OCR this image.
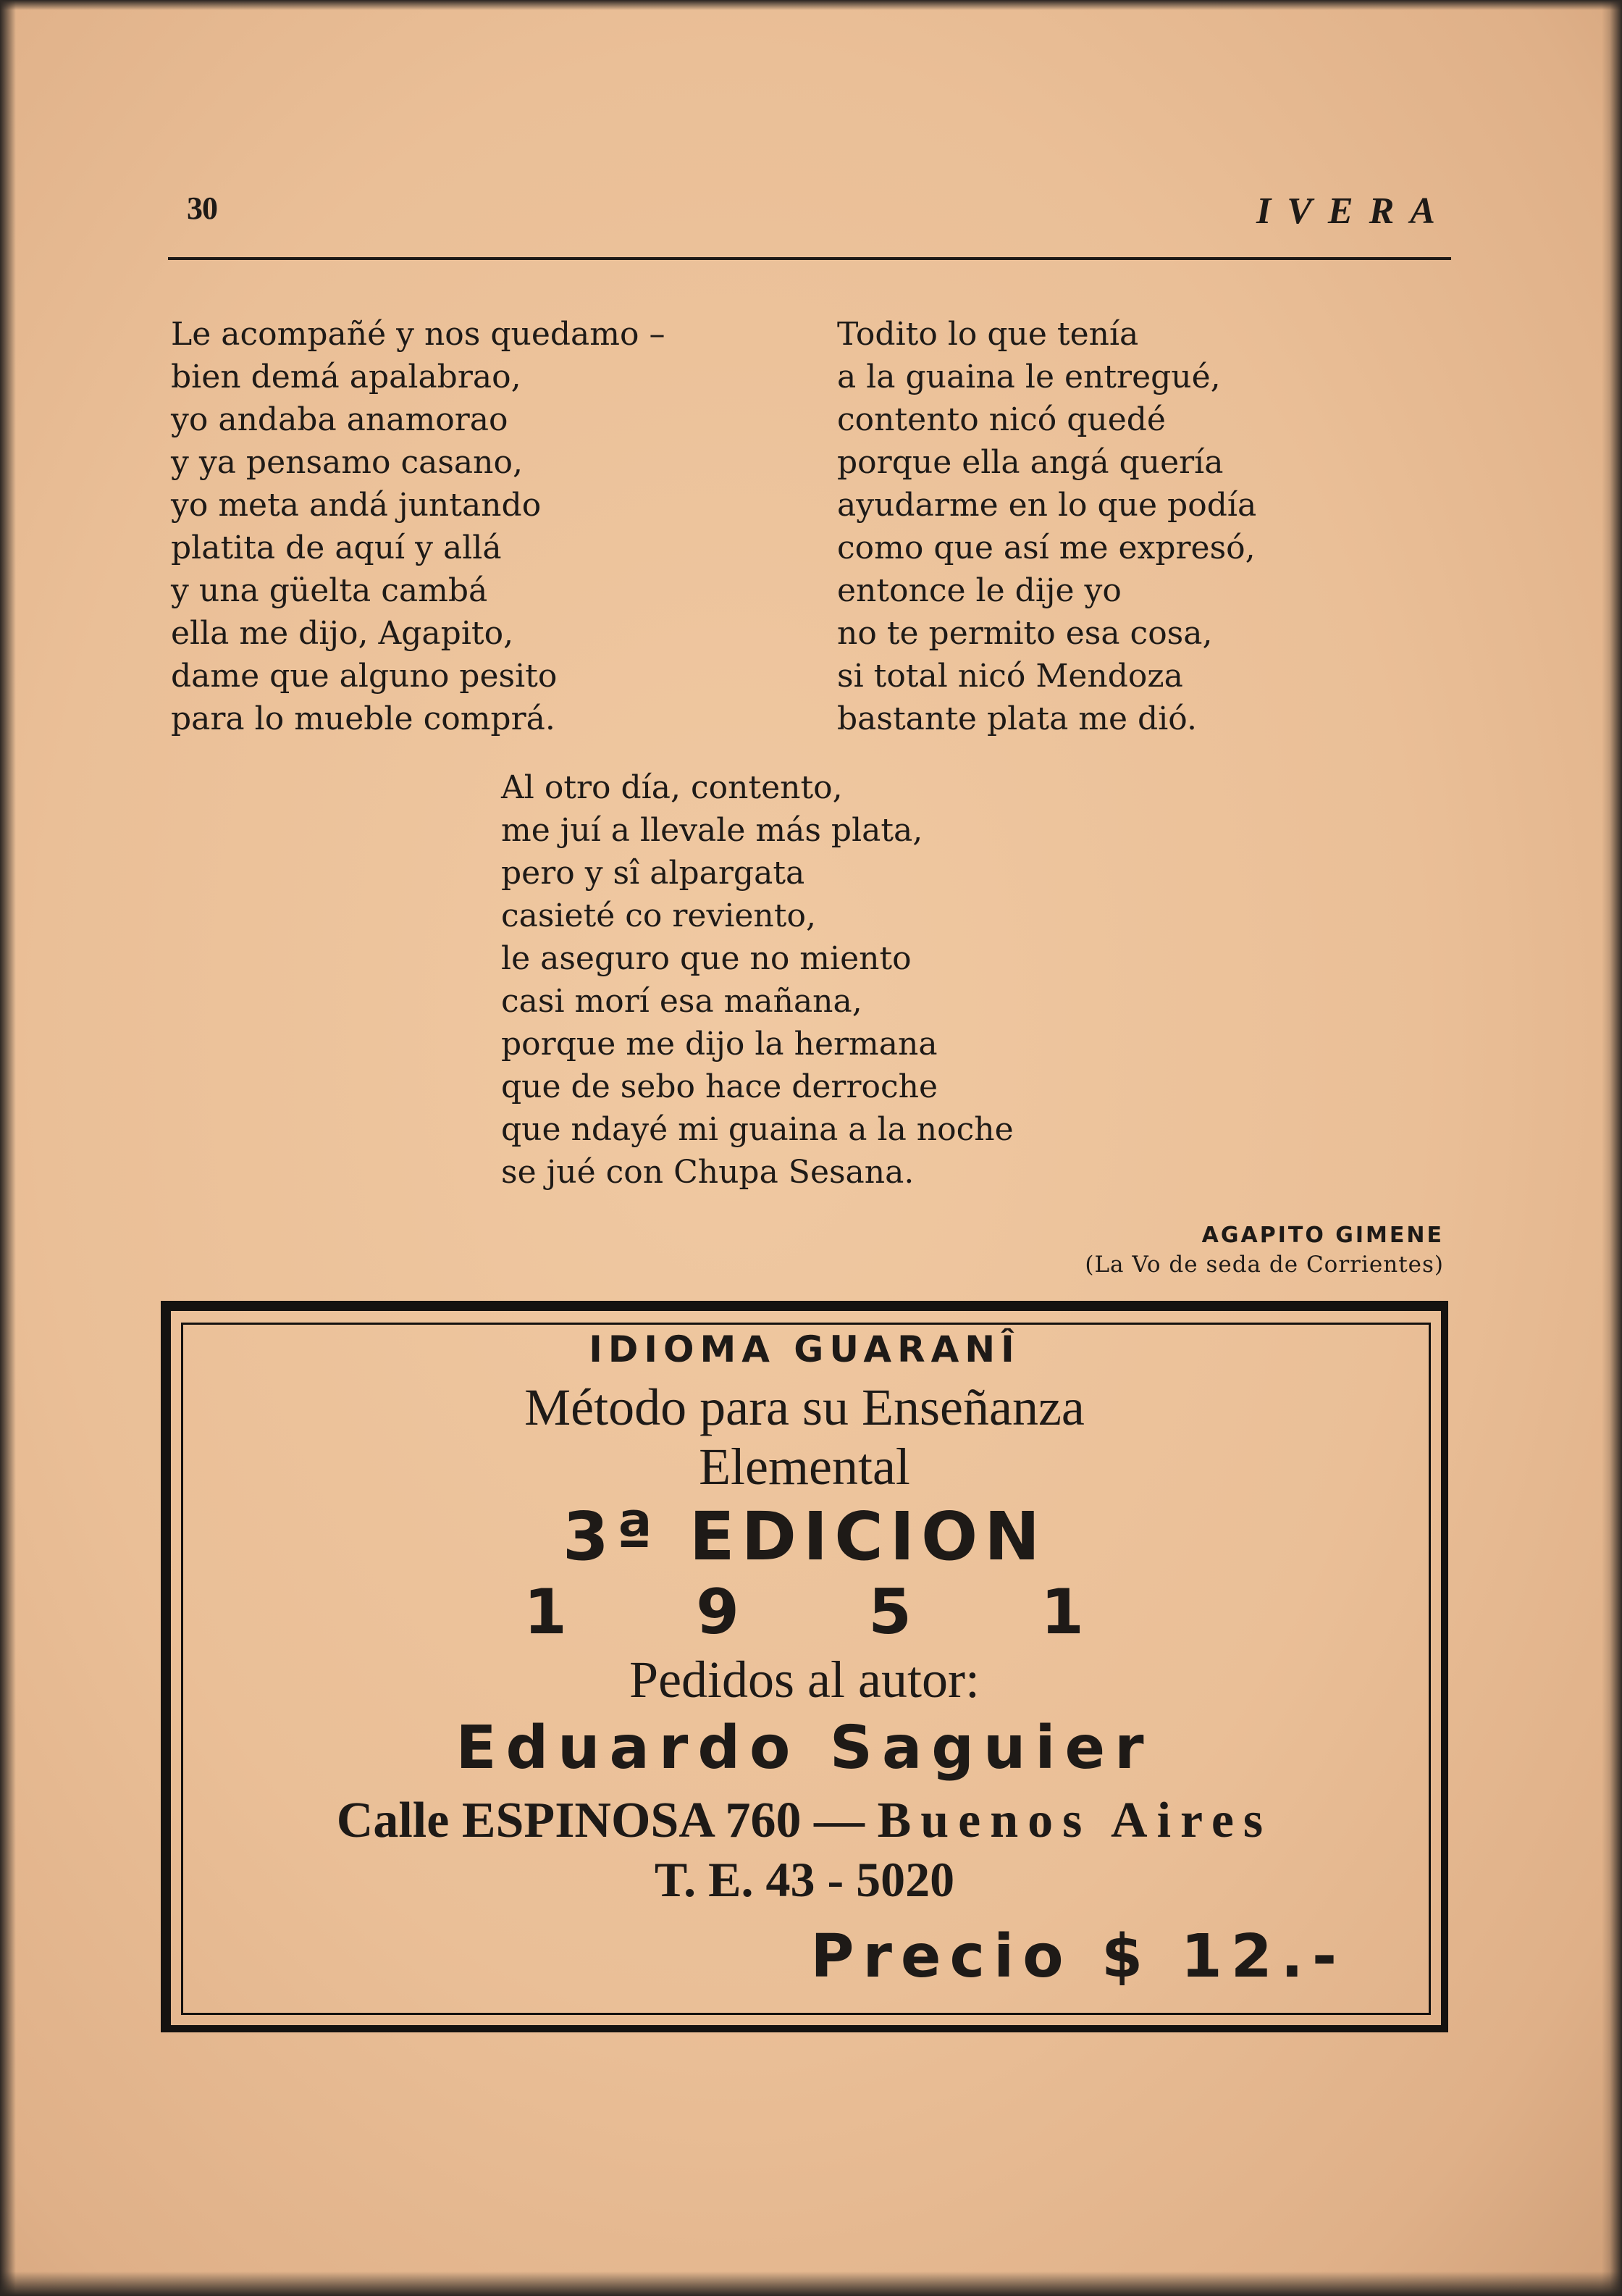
30	IVERA
Le acompañé y nos quedamo –
bien demá apalabrao,
yo andaba anamorao
y ya pensamo casano,
yo meta andá juntando
platita de aquí y allá
y una güelta cambá
ella me dijo, Agapito,
dame que alguno pesito
para lo mueble comprá.
Todito lo que tenía
a la guaina le entregué,
contento nicó quedé
porque ella angá quería
ayudarme en lo que podía
como que así me expresó,
entonce le dije yo
no te permito esa cosa,
si total nicó Mendoza
bastante plata me dió.
Al otro día, contento,
me juí a llevale más plata,
pero y sî alpargata
casieté co reviento,
le aseguro que no miento
casi morí esa mañana,
porque me dijo la hermana
que de sebo hace derroche
que ndayé mi guaina a la noche
se jué con Chupa Sesana.
AGAPITO GIMENE
(La Vo de seda de Corrientes)
IDIOMA GUARANÎ
Método para su Enseñanza
Elemental
3ª EDICION
1 9 5 1
Pedidos al autor:
Eduardo Saguier
Calle ESPINOSA 760 — Buenos Aires
T. E. 43 - 5020
Precio $ 12.-
